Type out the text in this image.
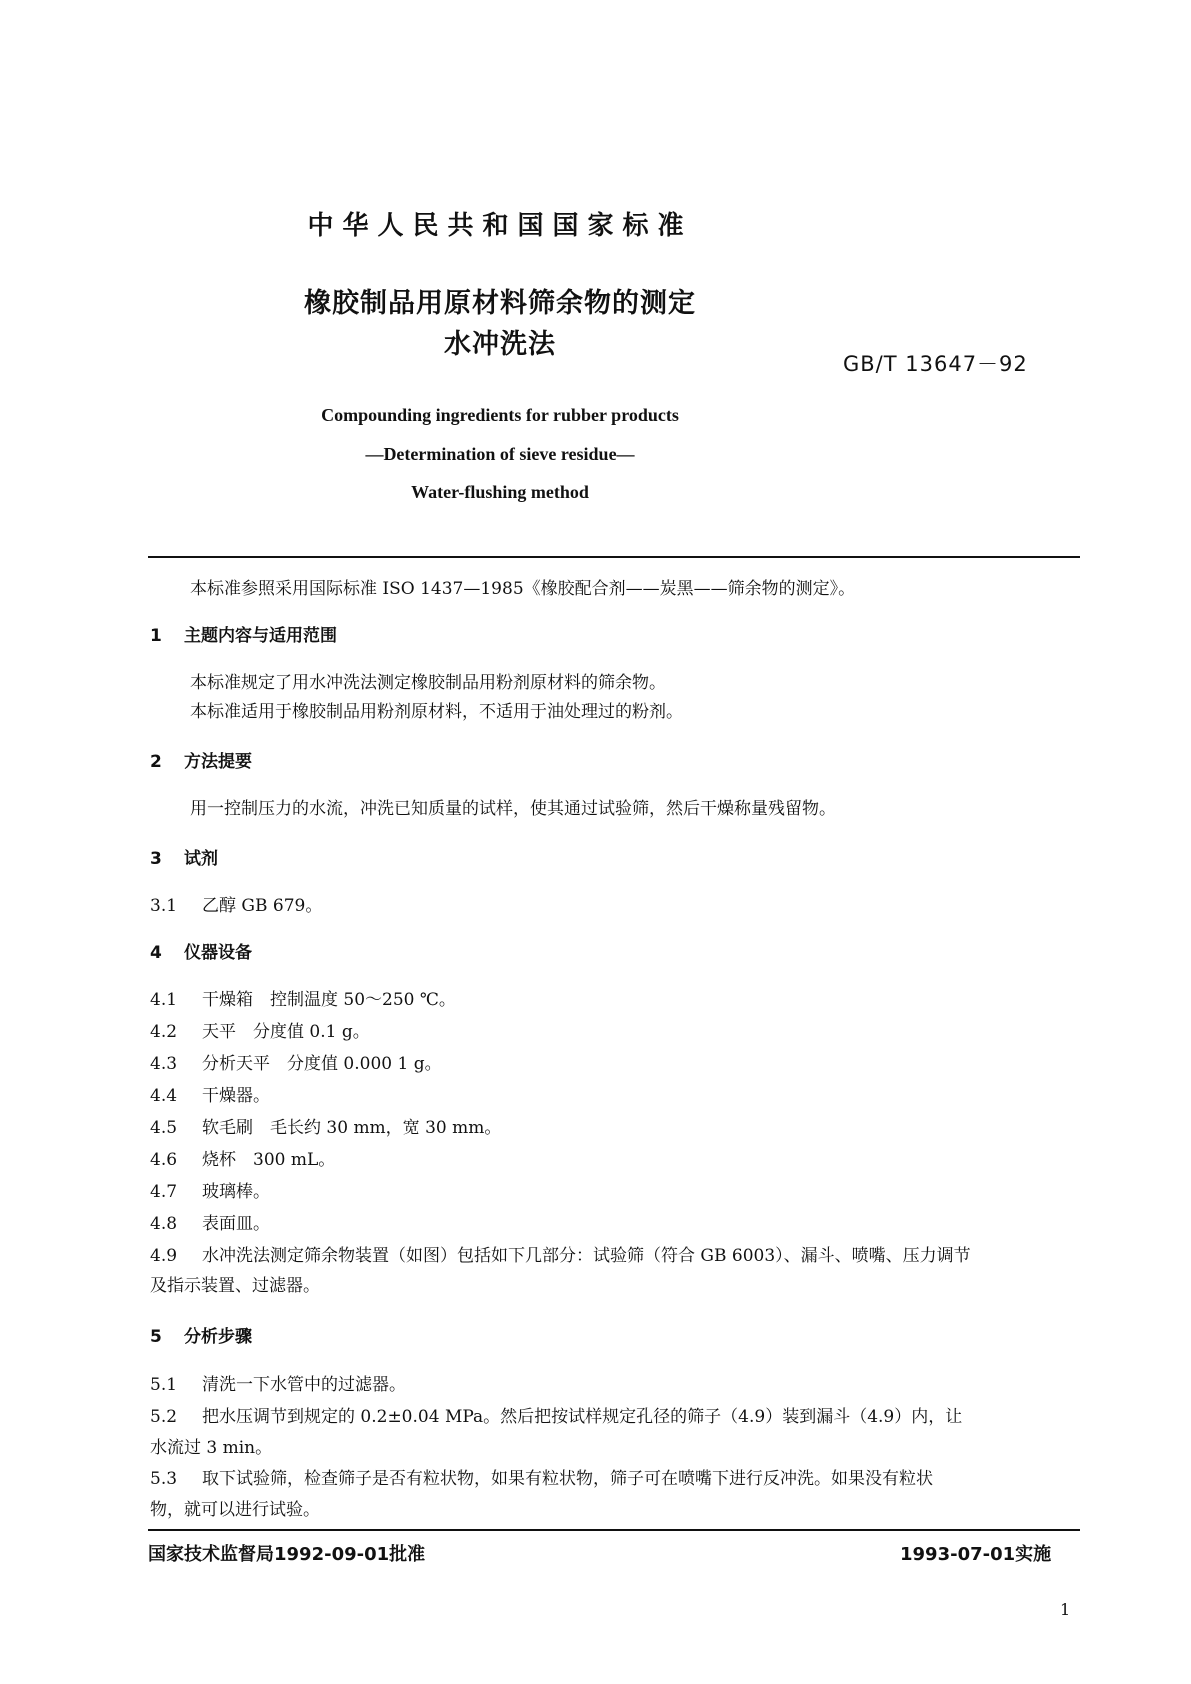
中华人民共和国国家标准
橡胶制品用原材料筛余物的测定
水冲洗法
GB/T 13647－92
Compounding ingredients for rubber products
—Determination of sieve residue—
Water-flushing method
本标准参照采用国际标准 ISO 1437—1985《橡胶配合剂——炭黑——筛余物的测定》。
1 主题内容与适用范围
本标准规定了用水冲洗法测定橡胶制品用粉剂原材料的筛余物。
本标准适用于橡胶制品用粉剂原材料，不适用于油处理过的粉剂。
2 方法提要
用一控制压力的水流，冲洗已知质量的试样，使其通过试验筛，然后干燥称量残留物。
3 试剂
3.1 乙醇 GB 679。
4 仪器设备
4.1 干燥箱　控制温度 50～250 ℃。
4.2 天平　分度值 0.1 g。
4.3 分析天平　分度值 0.000 1 g。
4.4 干燥器。
4.5 软毛刷　毛长约 30 mm，宽 30 mm。
4.6 烧杯　300 mL。
4.7 玻璃棒。
4.8 表面皿。
4.9 水冲洗法测定筛余物装置（如图）包括如下几部分：试验筛（符合 GB 6003）、漏斗、喷嘴、压力调节
及指示装置、过滤器。
5 分析步骤
5.1 清洗一下水管中的过滤器。
5.2 把水压调节到规定的 0.2±0.04 MPa。然后把按试样规定孔径的筛子（4.9）装到漏斗（4.9）内，让
水流过 3 min。
5.3 取下试验筛，检查筛子是否有粒状物，如果有粒状物，筛子可在喷嘴下进行反冲洗。如果没有粒状
物，就可以进行试验。
国家技术监督局1992-09-01批准	1993-07-01实施
1
